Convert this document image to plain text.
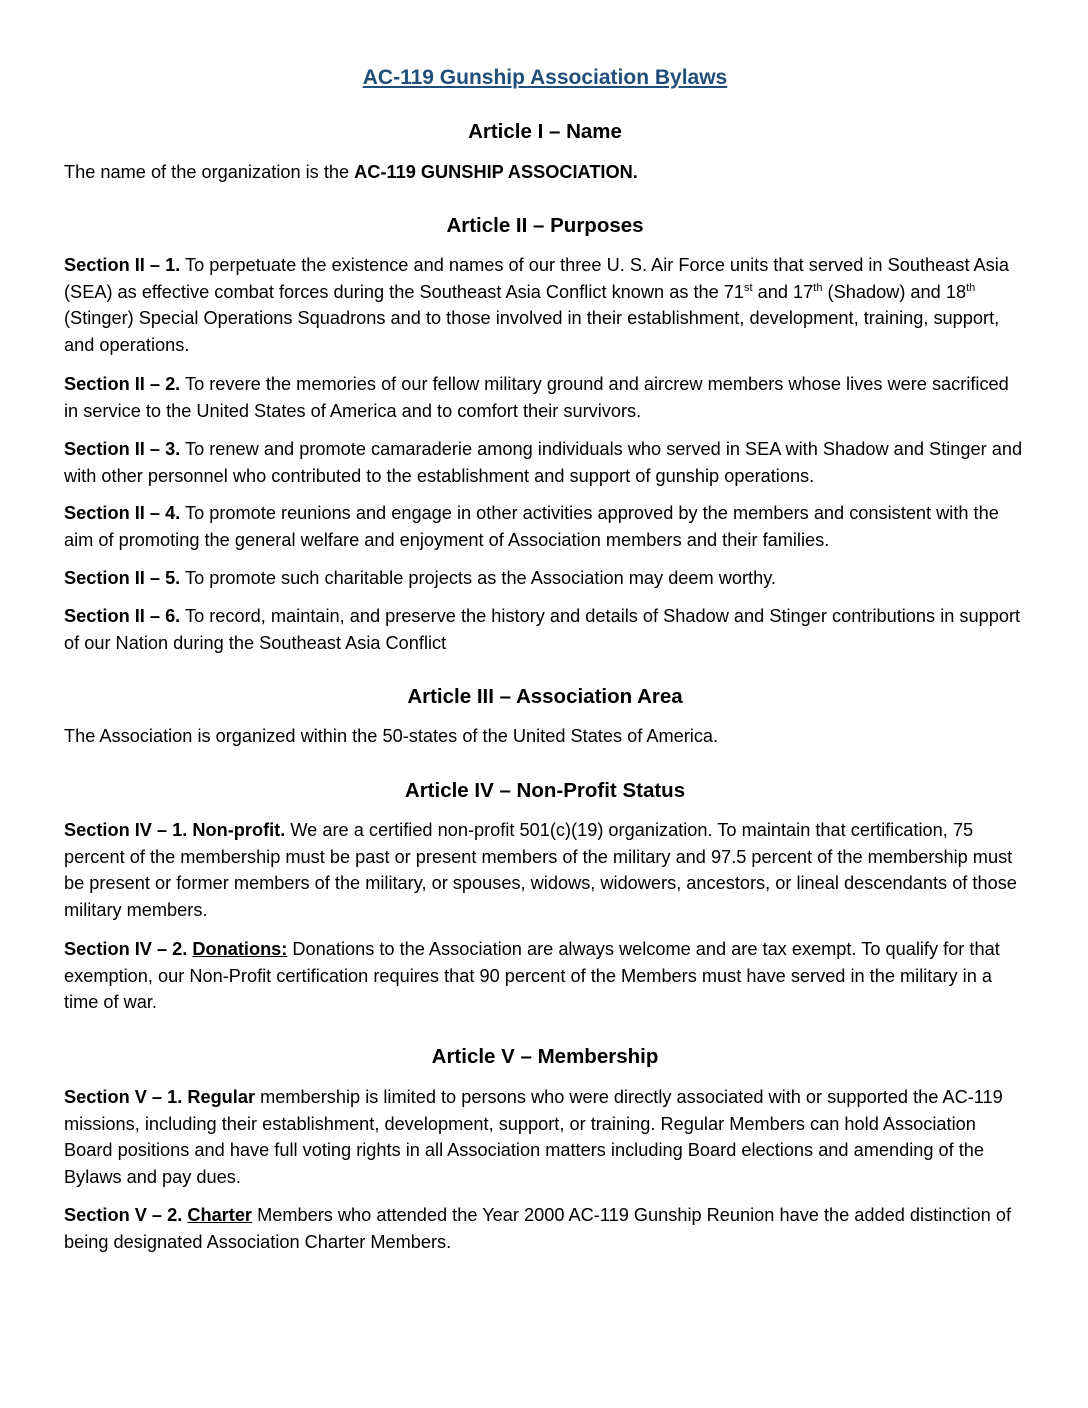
AC-119 Gunship Association Bylaws
Article I – Name

The name of the organization is the AC-119 GUNSHIP ASSOCIATION.

Article II – Purposes

Section II – 1. To perpetuate the existence and names of our three U. S. Air Force units that served in Southeast Asia (SEA) as effective combat forces during the Southeast Asia Conflict known as the 71st and 17th (Shadow) and 18th (Stinger) Special Operations Squadrons and to those involved in their establishment, development, training, support, and operations.

Section II – 2. To revere the memories of our fellow military ground and aircrew members whose lives were sacrificed in service to the United States of America and to comfort their survivors.

Section II – 3. To renew and promote camaraderie among individuals who served in SEA with Shadow and Stinger and with other personnel who contributed to the establishment and support of gunship operations.

Section II – 4. To promote reunions and engage in other activities approved by the members and consistent with the aim of promoting the general welfare and enjoyment of Association members and their families.

Section II – 5. To promote such charitable projects as the Association may deem worthy.

Section II – 6. To record, maintain, and preserve the history and details of Shadow and Stinger contributions in support of our Nation during the Southeast Asia Conflict

Article III – Association Area

The Association is organized within the 50-states of the United States of America.

Article IV – Non-Profit Status

Section IV – 1. Non-profit. We are a certified non-profit 501(c)(19) organization. To maintain that certification, 75 percent of the membership must be past or present members of the military and 97.5 percent of the membership must be present or former members of the military, or spouses, widows, widowers, ancestors, or lineal descendants of those military members.

Section IV – 2. Donations: Donations to the Association are always welcome and are tax exempt. To qualify for that exemption, our Non-Profit certification requires that 90 percent of the Members must have served in the military in a time of war.

Article V – Membership

Section V – 1. Regular membership is limited to persons who were directly associated with or supported the AC-119 missions, including their establishment, development, support, or training. Regular Members can hold Association Board positions and have full voting rights in all Association matters including Board elections and amending of the Bylaws and pay dues.

Section V – 2. Charter Members who attended the Year 2000 AC-119 Gunship Reunion have the added distinction of being designated Association Charter Members.
